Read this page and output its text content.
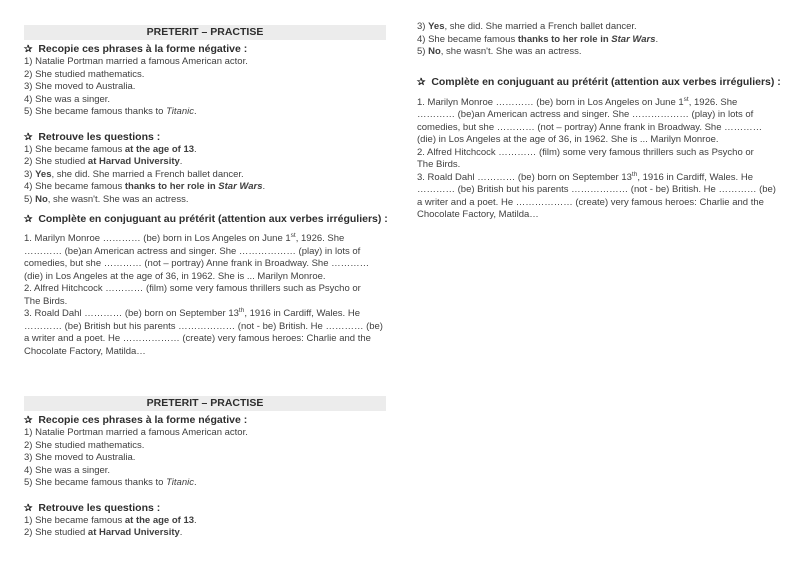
PRETERIT – PRACTISE
✰ Recopie ces phrases à la forme négative :
1) Natalie Portman married a famous American actor.
2) She studied mathematics.
3) She moved to Australia.
4) She was a singer.
5) She became famous thanks to Titanic.
✰ Retrouve les questions :
1) She became famous at the age of 13.
2) She studied at Harvad University.
3) Yes, she did. She married a French ballet dancer.
4) She became famous thanks to her role in Star Wars.
5) No, she wasn't. She was an actress.
✰ Complète en conjuguant au prétérit (attention aux verbes irréguliers) :
1. Marilyn Monroe ………… (be) born in Los Angeles on June 1st, 1926. She
………… (be)an American actress and singer. She ……………… (play) in lots of
comedies, but she ………… (not – portray) Anne frank in Broadway. She …………
(die) in Los Angeles at the age of 36, in 1962. She is ... Marilyn Monroe.
2. Alfred Hitchcock ………… (film) some very famous thrillers such as Psycho or
The Birds.
3. Roald Dahl ………… (be) born on September 13th, 1916 in Cardiff, Wales. He
………… (be) British but his parents ……………… (not - be) British. He ………… (be)
a writer and a poet. He ……………… (create) very famous heroes: Charlie and the
Chocolate Factory, Matilda…
PRETERIT – PRACTISE
✰ Recopie ces phrases à la forme négative :
1) Natalie Portman married a famous American actor.
2) She studied mathematics.
3) She moved to Australia.
4) She was a singer.
5) She became famous thanks to Titanic.
✰ Retrouve les questions :
1) She became famous at the age of 13.
2) She studied at Harvad University.
3) Yes, she did. She married a French ballet dancer.
4) She became famous thanks to her role in Star Wars.
5) No, she wasn't. She was an actress.
✰ Complète en conjuguant au prétérit (attention aux verbes irréguliers) :
1. Marilyn Monroe ………… (be) born in Los Angeles on June 1st, 1926. She
………… (be)an American actress and singer. She ……………… (play) in lots of
comedies, but she ………… (not – portray) Anne frank in Broadway. She …………
(die) in Los Angeles at the age of 36, in 1962. She is ... Marilyn Monroe.
2. Alfred Hitchcock ………… (film) some very famous thrillers such as Psycho or
The Birds.
3. Roald Dahl ………… (be) born on September 13th, 1916 in Cardiff, Wales. He
………… (be) British but his parents ……………… (not - be) British. He ………… (be)
a writer and a poet. He ……………… (create) very famous heroes: Charlie and the
Chocolate Factory, Matilda…
